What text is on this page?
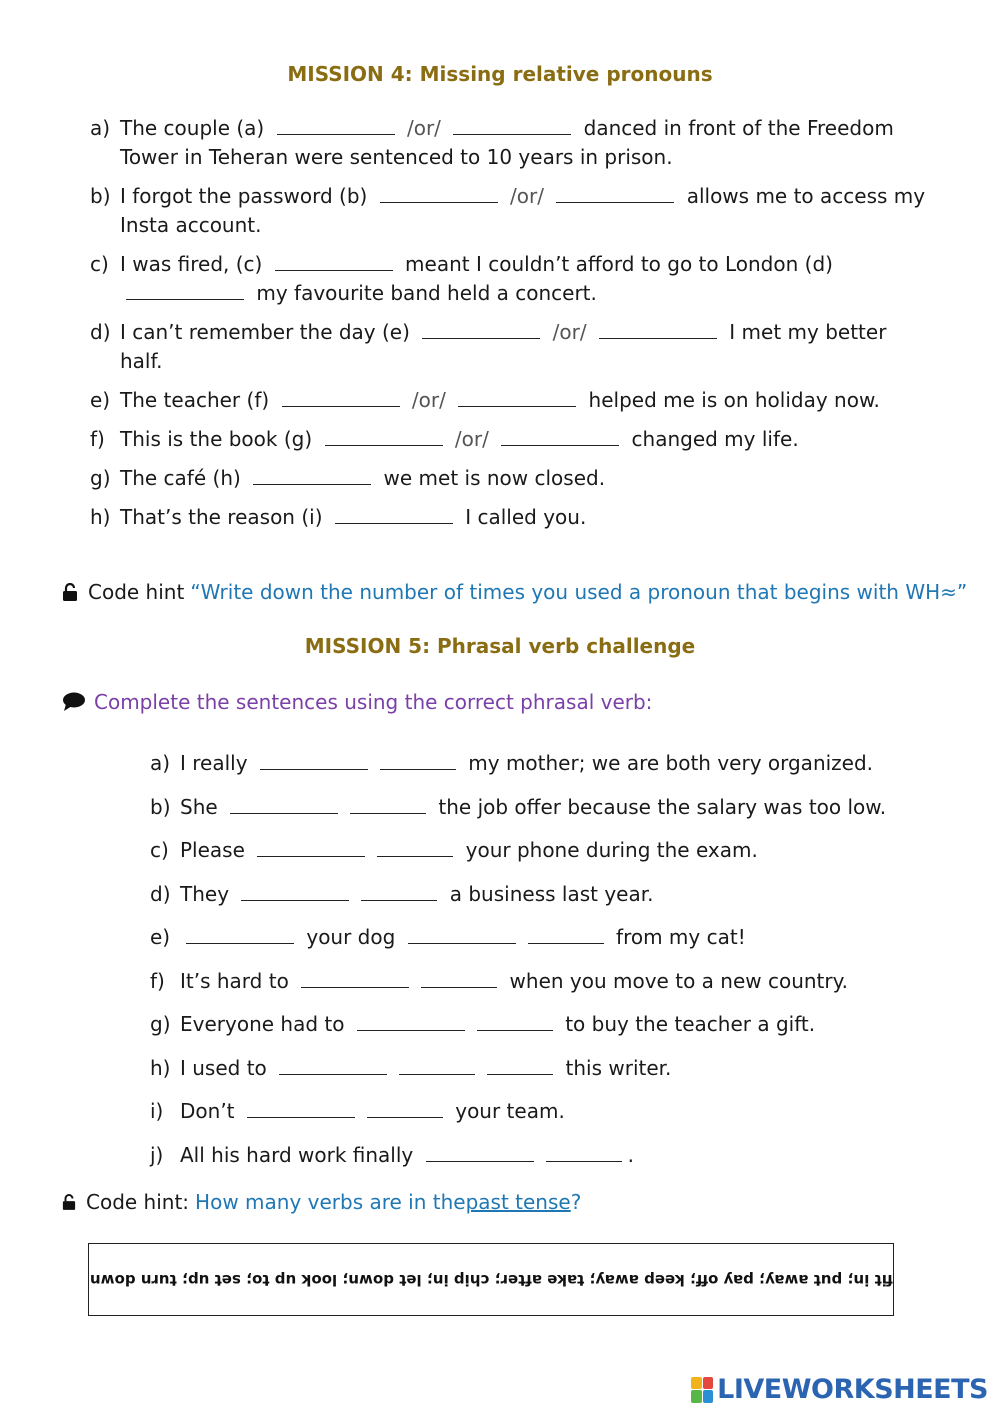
MISSION 4: Missing relative pronouns
a) The couple (a)	/or/	danced in front of the Freedom Tower in Teheran were sentenced to 10 years in prison.
b) I forgot the password (b)	/or/	allows me to access my Insta account.
c) I was fired, (c)	meant I couldn’t afford to go to London (d)  my favourite band held a concert.
d) I can’t remember the day (e)	/or/	I met my better half.
e) The teacher (f)	/or/	helped me is on holiday now.
f) This is the book (g)	/or/	changed my life.
g) The café (h)	we met is now closed.
h) That’s the reason (i)	I called you.
Code hint “Write down the number of times you used a pronoun that begins with WH≈”
MISSION 5: Phrasal verb challenge
Complete the sentences using the correct phrasal verb:
a) I really	my mother; we are both very organized.
b) She	the job offer because the salary was too low.
c) Please	your phone during the exam.
d) They	a business last year.
e)	your dog	from my cat!
f) It’s hard to	when you move to a new country.
g) Everyone had to	to buy the teacher a gift.
h) I used to	this writer.
i) Don’t	your team.
j) All his hard work finally	.
Code hint: How many verbs are in the past tense ?
fit in; put away; pay off; keep away; take after; chip in; let down; look up to; set up; turn down
LIVEWORKSHEETS
